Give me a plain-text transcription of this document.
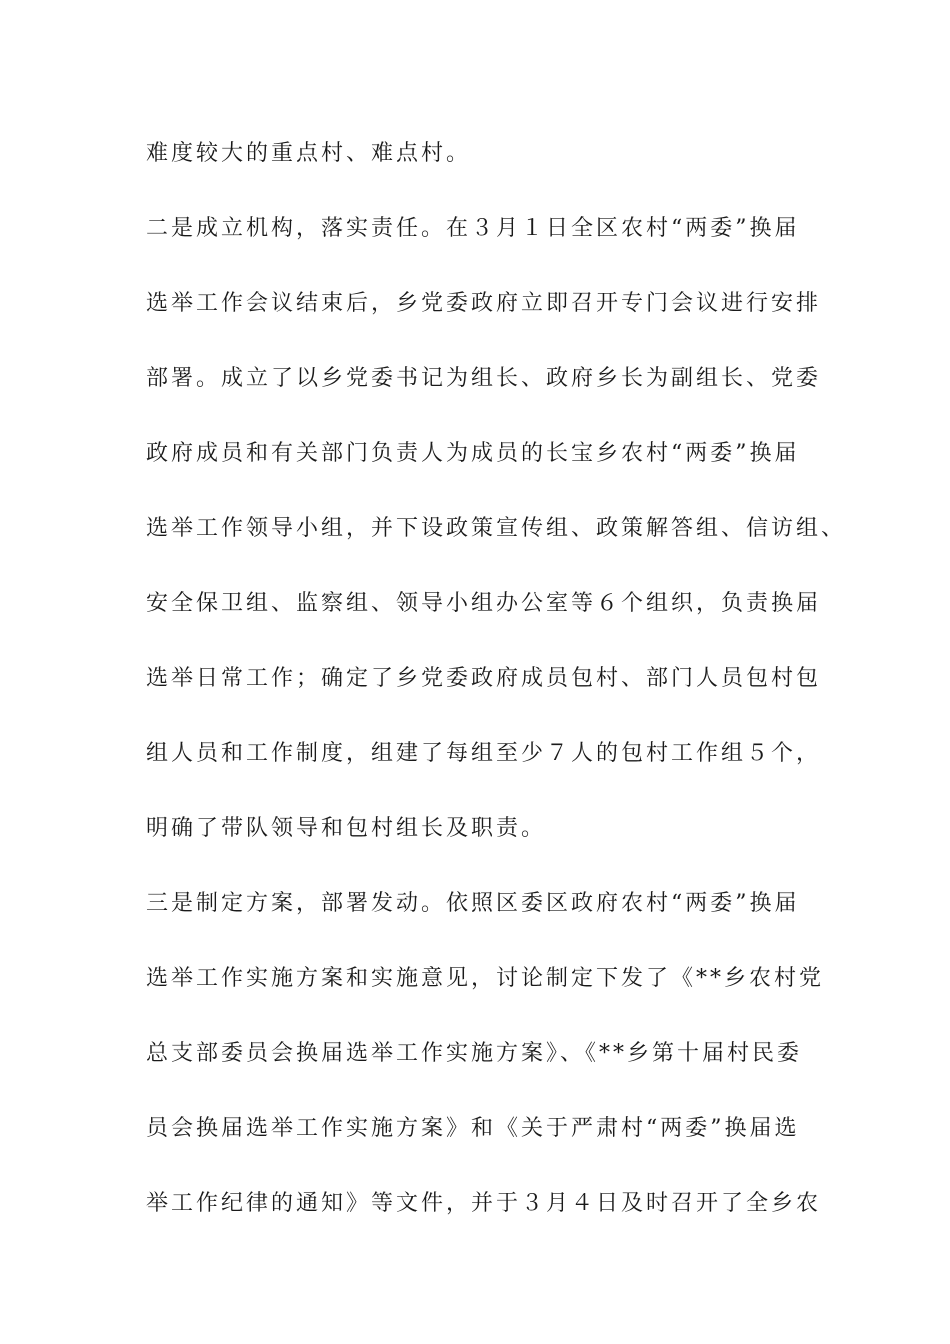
难度较大的重点村、难点村。
二是成立机构，落实责任。在３月１日全区农村“两委”换届
选举工作会议结束后，乡党委政府立即召开专门会议进行安排
部署。成立了以乡党委书记为组长、政府乡长为副组长、党委
政府成员和有关部门负责人为成员的长宝乡农村“两委”换届
选举工作领导小组，并下设政策宣传组、政策解答组、信访组、
安全保卫组、监察组、领导小组办公室等６个组织，负责换届
选举日常工作；确定了乡党委政府成员包村、部门人员包村包
组人员和工作制度，组建了每组至少７人的包村工作组５个，
明确了带队领导和包村组长及职责。
三是制定方案，部署发动。依照区委区政府农村“两委”换届
选举工作实施方案和实施意见，讨论制定下发了《**乡农村党
总支部委员会换届选举工作实施方案》、《**乡第十届村民委
员会换届选举工作实施方案》和《关于严肃村“两委”换届选
举工作纪律的通知》等文件，并于３月４日及时召开了全乡农
